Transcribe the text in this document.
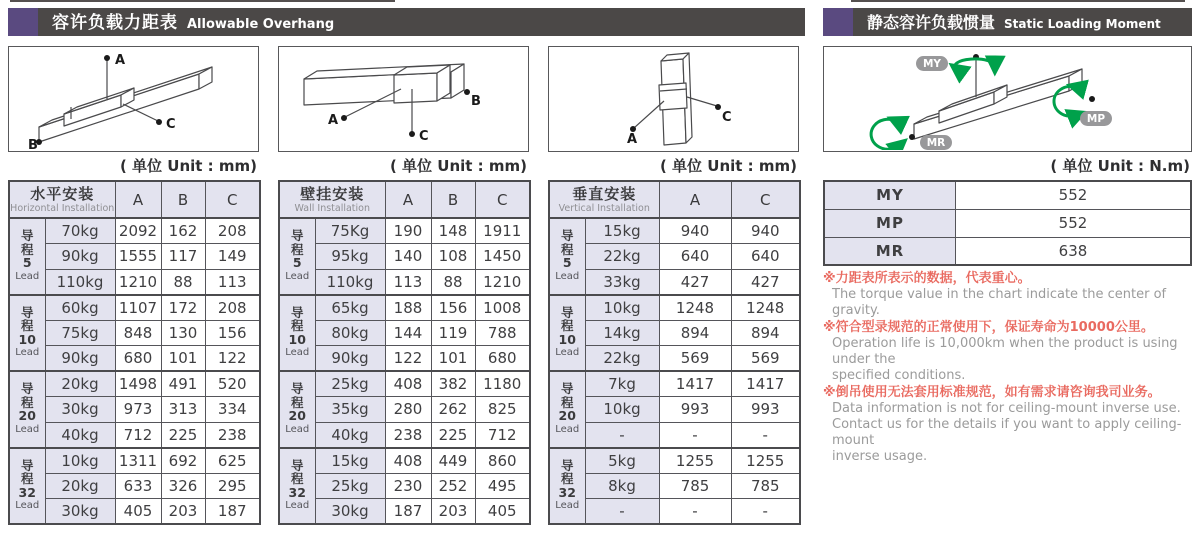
容许负载力距表 Allowable Overhang
A
C
B
( 单位 Unit : mm)
水平安装
Horizontal Installation		A	B	C

导
程
5
Lead	70kg	2092	162	208
	90kg	1555	117	149
	110kg	1210	88	113

导
程
10
Lead	60kg	1107	172	208
	75kg	848	130	156
	90kg	680	101	122

导
程
20
Lead	20kg	1498	491	520
	30kg	973	313	334
	40kg	712	225	238

导
程
32
Lead	10kg	1311	692	625
	20kg	633	326	295
	30kg	405	203	187
A
B
C
( 单位 Unit : mm)
壁挂安装
Wall Installation		A	B	C

导
程
5
Lead	75Kg	190	148	1911
	95kg	140	108	1450
	110kg	113	88	1210

导
程
10
Lead	65kg	188	156	1008
	80kg	144	119	788
	90kg	122	101	680

导
程
20
Lead	25kg	408	382	1180
	35kg	280	262	825
	40kg	238	225	712

导
程
32
Lead	15kg	408	449	860
	25kg	230	252	495
	30kg	187	203	405
A
C
( 单位 Unit : mm)
垂直安装
Vertical Installation		A	C

导
程
5
Lead	15kg	940	940
	22kg	640	640
	33kg	427	427

导
程
10
Lead	10kg	1248	1248
	14kg	894	894
	22kg	569	569

导
程
20
Lead	7kg	1417	1417
	10kg	993	993
	-	-	-

导
程
32
Lead	5kg	1255	1255
	8kg	785	785
	-	-	-
静态容许负载惯量 Static Loading Moment
MY
MP
MR
( 单位 Unit : N.m)
MY	552
MP	552
MR	638
※力距表所表示的数据，代表重心。
The torque value in the chart indicate the center of gravity.
※符合型录规范的正常使用下，保证寿命为10000公里。
Operation life is 10,000km when the product is using under the
specified conditions.
※倒吊使用无法套用标准规范，如有需求请咨询我司业务。
Data information is not for ceiling-mount inverse use.
Contact us for the details if you want to apply ceiling-mount
inverse usage.
